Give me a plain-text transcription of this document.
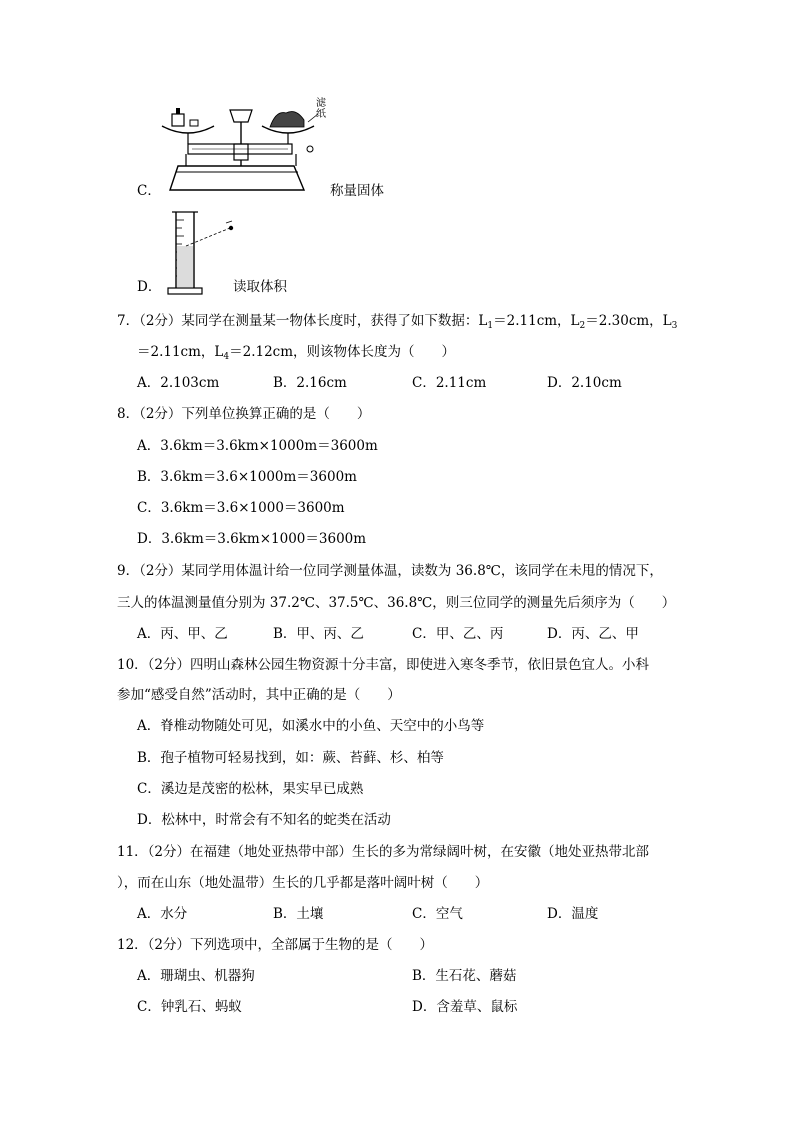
C．
滤纸
称量固体
D．	读取体积
7．（2分）某同学在测量某一物体长度时，获得了如下数据：$L_1=2.11cm$，$L_2=2.30cm$，$L_3$
＝2.11cm，$L_4=2.12cm$，则该物体长度为（　　）
A．2.103cm	B．2.16cm	C．2.11cm	D．2.10cm
8．（2分）下列单位换算正确的是（　　）
A．3.6km＝3.6km×1000m＝3600m
B．3.6km＝3.6×1000m＝3600m
C．3.6km＝3.6×1000＝3600m
D．3.6km＝3.6km×1000＝3600m
9．（2分）某同学用体温计给一位同学测量体温，读数为 36.8℃，该同学在未甩的情况下，
三人的体温测量值分别为 37.2℃、37.5℃、36.8℃，则三位同学的测量先后须序为（　　）
A．丙、甲、乙	B．甲、丙、乙	C．甲、乙、丙	D．丙、乙、甲
10．（2分）四明山森林公园生物资源十分丰富，即使进入寒冬季节，依旧景色宜人。小科
参加“感受自然”活动时，其中正确的是（　　）
A．脊椎动物随处可见，如溪水中的小鱼、天空中的小鸟等
B．孢子植物可轻易找到，如：蕨、苔藓、杉、柏等
C．溪边是茂密的松林，果实早已成熟
D．松林中，时常会有不知名的蛇类在活动
11．（2分）在福建（地处亚热带中部）生长的多为常绿阔叶树，在安徽（地处亚热带北部
），而在山东（地处温带）生长的几乎都是落叶阔叶树（　　）
A．水分	B．土壤	C．空气	D．温度
12．（2分）下列选项中，全部属于生物的是（　　）
A．珊瑚虫、机器狗	B．生石花、蘑菇
C．钟乳石、蚂蚁	D．含羞草、鼠标
